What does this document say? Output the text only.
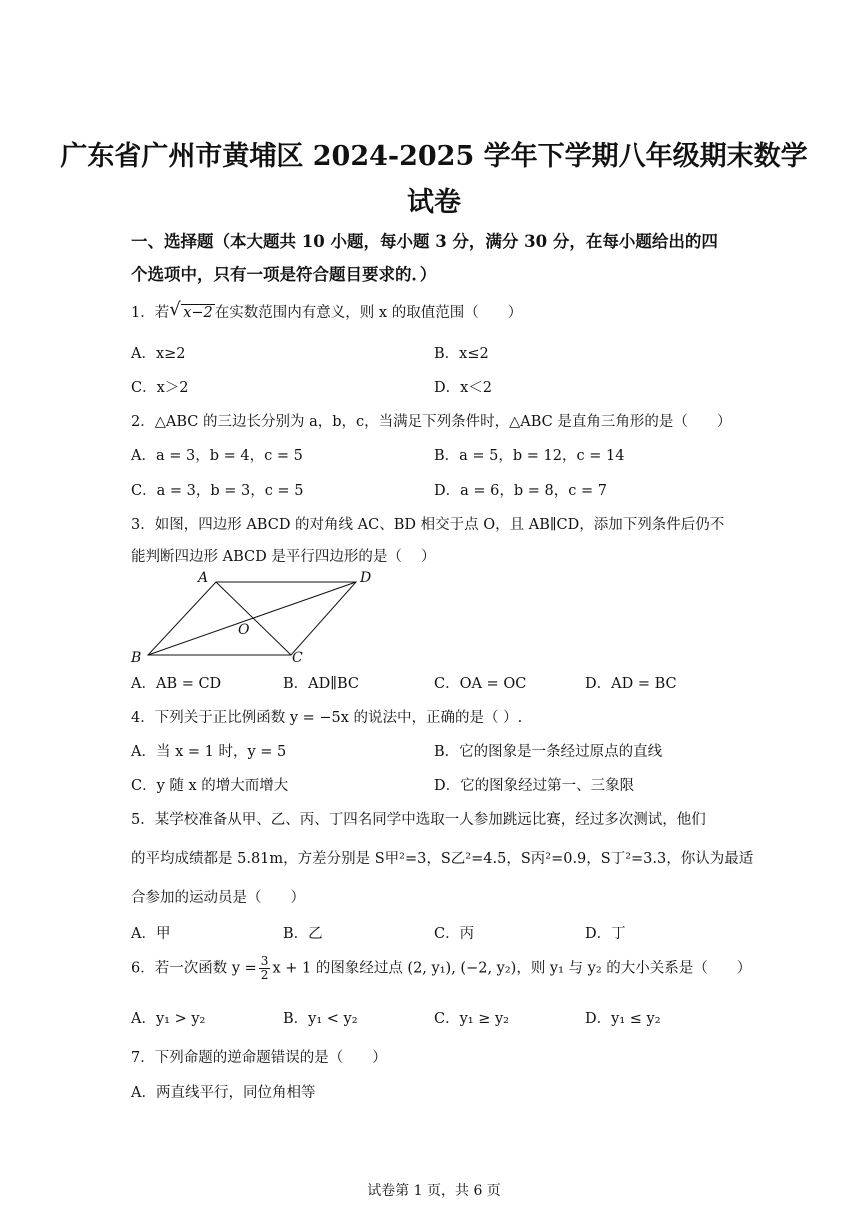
广东省广州市黄埔区 2024-2025 学年下学期八年级期末数学
试卷
一、选择题（本大题共 10 小题，每小题 3 分，满分 30 分，在每小题给出的四
个选项中，只有一项是符合题目要求的．）
1．若√ x−2 在实数范围内有意义，则 x 的取值范围（　　）
A．x≥2	B．x≤2
C．x＞2	D．x＜2
2．△ABC 的三边长分别为 a，b，c，当满足下列条件时，△ABC 是直角三角形的是（　　）
A．a = 3，b = 4，c = 5	B．a = 5，b = 12，c = 14
C．a = 3，b = 3，c = 5	D．a = 6，b = 8，c = 7
3．如图，四边形 ABCD 的对角线 AC、BD 相交于点 O，且 AB∥CD，添加下列条件后仍不
能判断四边形 ABCD 是平行四边形的是（　 ）
A	D
B	C
O
A．AB = CD	B．AD∥BC	C．OA = OC	D．AD = BC
4．下列关于正比例函数 y = −5x 的说法中，正确的是（ ）.
A．当 x = 1 时，y = 5	B．它的图象是一条经过原点的直线
C．y 随 x 的增大而增大	D．它的图象经过第一、三象限
5．某学校准备从甲、乙、丙、丁四名同学中选取一人参加跳远比赛，经过多次测试，他们
的平均成绩都是 5.81m，方差分别是 S甲²=3，S乙²=4.5，S丙²=0.9，S丁²=3.3，你认为最适
合参加的运动员是（　　）
A．甲	B．乙	C．丙	D．丁
6．若一次函数 $y = \frac{3}{2}$ x + 1 的图象经过点 (2, y₁), (−2, y₂)，则 y₁ 与 y₂ 的大小关系是（　　）
A．y₁ > y₂	B．y₁ < y₂	C．y₁ ≥ y₂	D．y₁ ≤ y₂
7．下列命题的逆命题错误的是（　　）
A．两直线平行，同位角相等
试卷第 1 页，共 6 页
